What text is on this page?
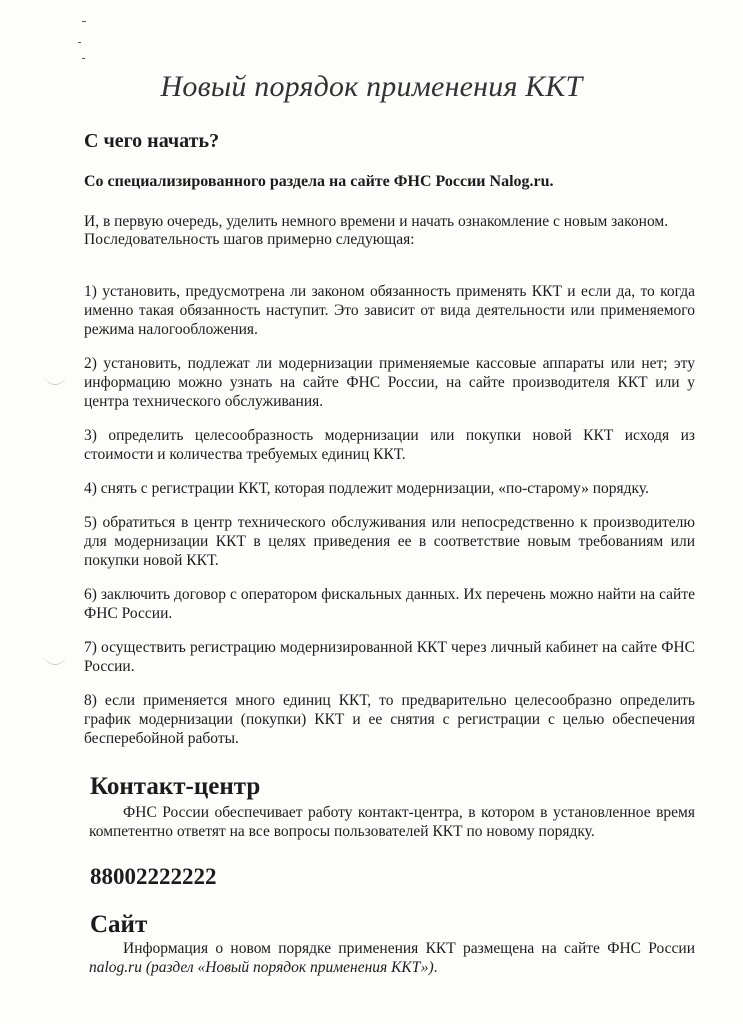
Новый порядок применения ККТ
С чего начать?
Со специализированного раздела на сайте ФНС России Nalog.ru.
И, в первую очередь, уделить немного времени и начать ознакомление с новым законом.
Последовательность шагов примерно следующая:
1) установить, предусмотрена ли законом обязанность применять ККТ и если да, то когда именно такая обязанность наступит. Это зависит от вида деятельности или применяемого режима налогообложения.
2) установить, подлежат ли модернизации применяемые кассовые аппараты или нет; эту информацию можно узнать на сайте ФНС России, на сайте производителя ККТ или у центра технического обслуживания.
3) определить целесообразность модернизации или покупки новой ККТ исходя из стоимости и количества требуемых единиц ККТ.
4) снять с регистрации ККТ, которая подлежит модернизации, «по-старому» порядку.
5) обратиться в центр технического обслуживания или непосредственно к производителю для модернизации ККТ в целях приведения ее в соответствие новым требованиям или покупки новой ККТ.
6) заключить договор с оператором фискальных данных. Их перечень можно найти на сайте ФНС России.
7) осуществить регистрацию модернизированной ККТ через личный кабинет на сайте ФНС России.
8) если применяется много единиц ККТ, то предварительно целесообразно определить график модернизации (покупки) ККТ и ее снятия с регистрации с целью обеспечения бесперебойной работы.
Контакт-центр
ФНС России обеспечивает работу контакт-центра, в котором в установленное время компетентно ответят на все вопросы пользователей ККТ по новому порядку.
88002222222
Сайт
Информация о новом порядке применения ККТ размещена на сайте ФНС России nalog.ru (раздел «Новый порядок применения ККТ»).
